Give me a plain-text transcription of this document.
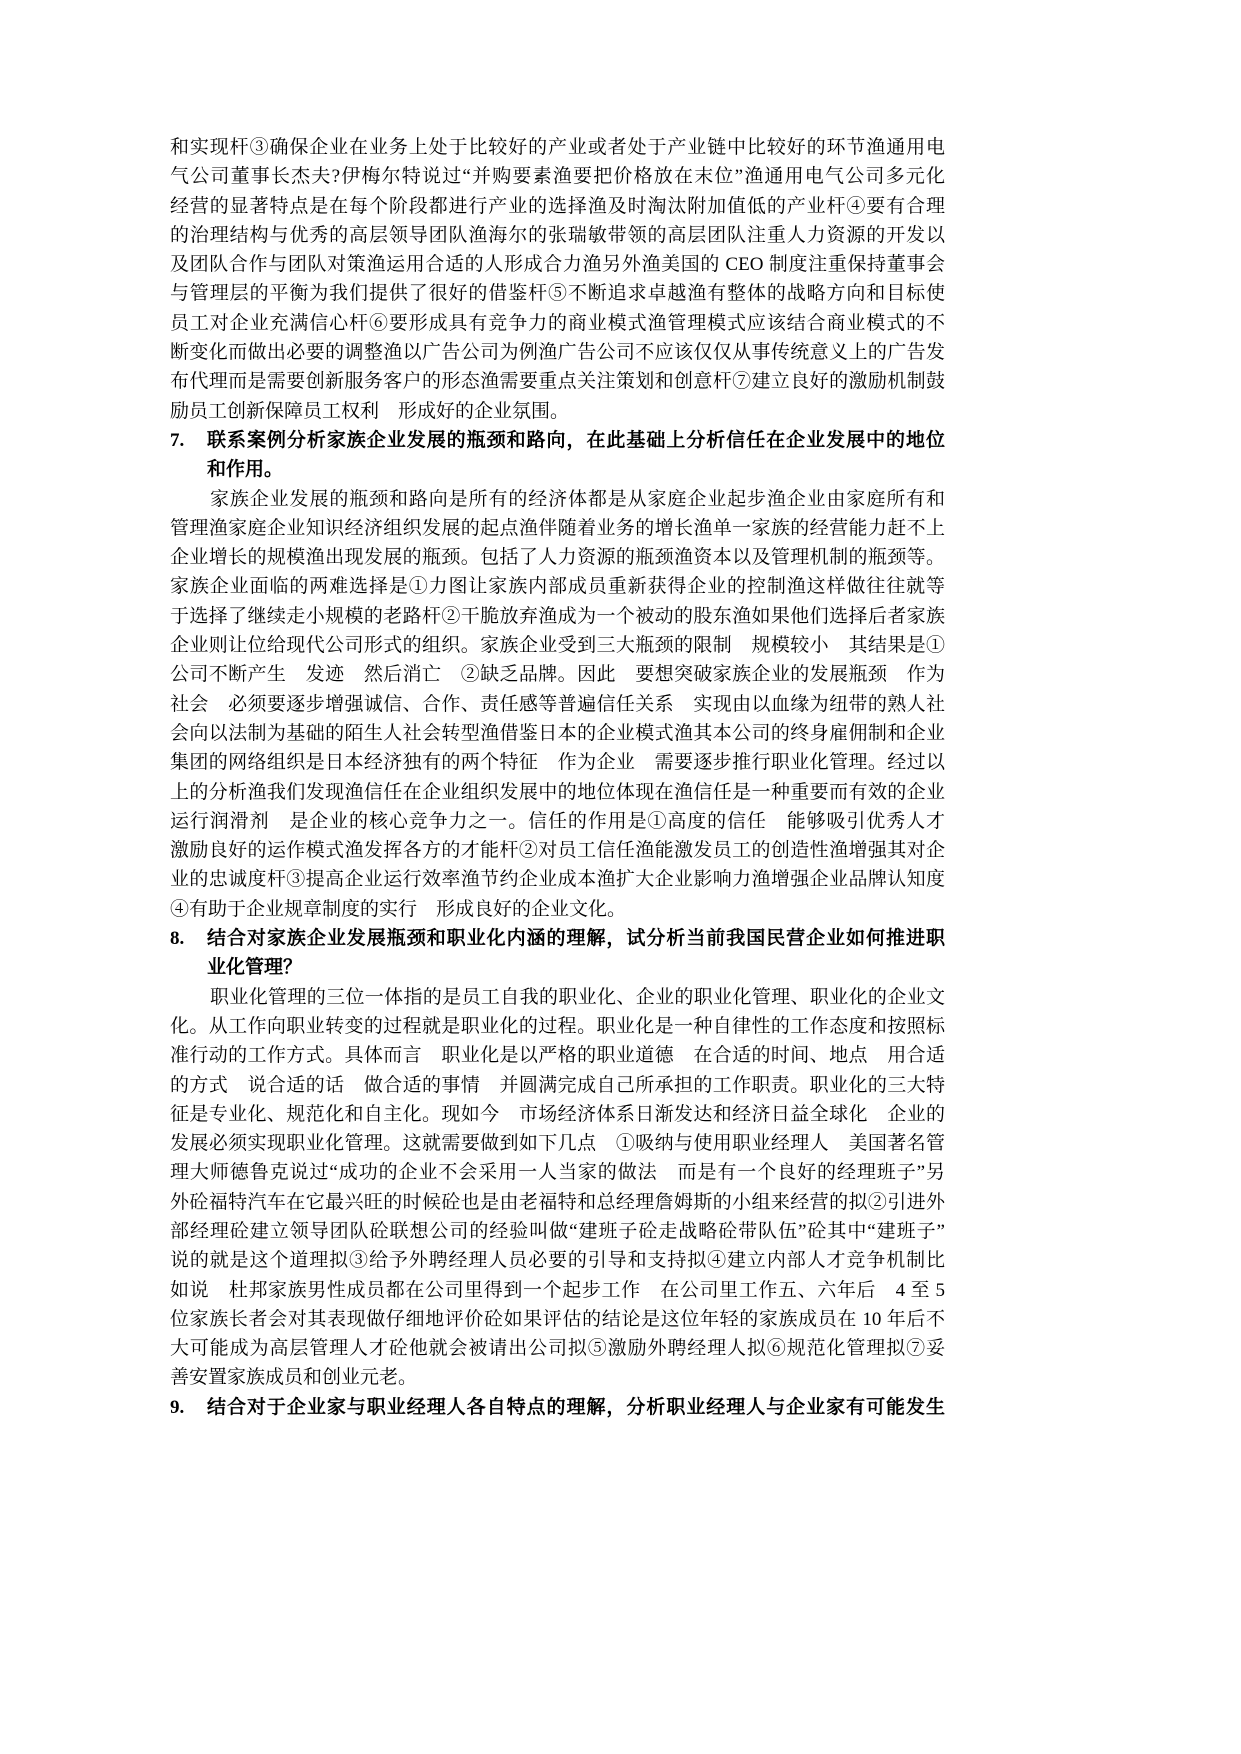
和实现杆③确保企业在业务上处于比较好的产业或者处于产业链中比较好的环节渔通用电
气公司董事长杰夫?伊梅尔特说过“并购要素渔要把价格放在末位”渔通用电气公司多元化
经营的显著特点是在每个阶段都进行产业的选择渔及时淘汰附加值低的产业杆④要有合理
的治理结构与优秀的高层领导团队渔海尔的张瑞敏带领的高层团队注重人力资源的开发以
及团队合作与团队对策渔运用合适的人形成合力渔另外渔美国的 CEO 制度注重保持董事会
与管理层的平衡为我们提供了很好的借鉴杆⑤不断追求卓越渔有整体的战略方向和目标使
员工对企业充满信心杆⑥要形成具有竞争力的商业模式渔管理模式应该结合商业模式的不
断变化而做出必要的调整渔以广告公司为例渔广告公司不应该仅仅从事传统意义上的广告发
布代理而是需要创新服务客户的形态渔需要重点关注策划和创意杆⑦建立良好的激励机制鼓
励员工创新保障员工权利　形成好的企业氛围。
7.	联系案例分析家族企业发展的瓶颈和路向，在此基础上分析信任在企业发展中的地位
和作用。
家族企业发展的瓶颈和路向是所有的经济体都是从家庭企业起步渔企业由家庭所有和
管理渔家庭企业知识经济组织发展的起点渔伴随着业务的增长渔单一家族的经营能力赶不上
企业增长的规模渔出现发展的瓶颈。包括了人力资源的瓶颈渔资本以及管理机制的瓶颈等。
家族企业面临的两难选择是①力图让家族内部成员重新获得企业的控制渔这样做往往就等
于选择了继续走小规模的老路杆②干脆放弃渔成为一个被动的股东渔如果他们选择后者家族
企业则让位给现代公司形式的组织。家族企业受到三大瓶颈的限制　规模较小　其结果是①
公司不断产生　发迹　然后消亡　②缺乏品牌。因此　要想突破家族企业的发展瓶颈　作为
社会　必须要逐步增强诚信、合作、责任感等普遍信任关系　实现由以血缘为纽带的熟人社
会向以法制为基础的陌生人社会转型渔借鉴日本的企业模式渔其本公司的终身雇佣制和企业
集团的网络组织是日本经济独有的两个特征　作为企业　需要逐步推行职业化管理。经过以
上的分析渔我们发现渔信任在企业组织发展中的地位体现在渔信任是一种重要而有效的企业
运行润滑剂　是企业的核心竞争力之一。信任的作用是①高度的信任　能够吸引优秀人才
激励良好的运作模式渔发挥各方的才能杆②对员工信任渔能激发员工的创造性渔增强其对企
业的忠诚度杆③提高企业运行效率渔节约企业成本渔扩大企业影响力渔增强企业品牌认知度
④有助于企业规章制度的实行　形成良好的企业文化。
8.	结合对家族企业发展瓶颈和职业化内涵的理解，试分析当前我国民营企业如何推进职
业化管理？
职业化管理的三位一体指的是员工自我的职业化、企业的职业化管理、职业化的企业文
化。从工作向职业转变的过程就是职业化的过程。职业化是一种自律性的工作态度和按照标
准行动的工作方式。具体而言　职业化是以严格的职业道德　在合适的时间、地点　用合适
的方式　说合适的话　做合适的事情　并圆满完成自己所承担的工作职责。职业化的三大特
征是专业化、规范化和自主化。现如今　市场经济体系日渐发达和经济日益全球化　企业的
发展必须实现职业化管理。这就需要做到如下几点　①吸纳与使用职业经理人　美国著名管
理大师德鲁克说过“成功的企业不会采用一人当家的做法　而是有一个良好的经理班子”另
外砼福特汽车在它最兴旺的时候砼也是由老福特和总经理詹姆斯的小组来经营的拟②引进外
部经理砼建立领导团队砼联想公司的经验叫做“建班子砼走战略砼带队伍”砼其中“建班子”
说的就是这个道理拟③给予外聘经理人员必要的引导和支持拟④建立内部人才竞争机制比
如说　杜邦家族男性成员都在公司里得到一个起步工作　在公司里工作五、六年后　4 至 5
位家族长者会对其表现做仔细地评价砼如果评估的结论是这位年轻的家族成员在 10 年后不
大可能成为高层管理人才砼他就会被请出公司拟⑤激励外聘经理人拟⑥规范化管理拟⑦妥
善安置家族成员和创业元老。
9.	结合对于企业家与职业经理人各自特点的理解，分析职业经理人与企业家有可能发生
